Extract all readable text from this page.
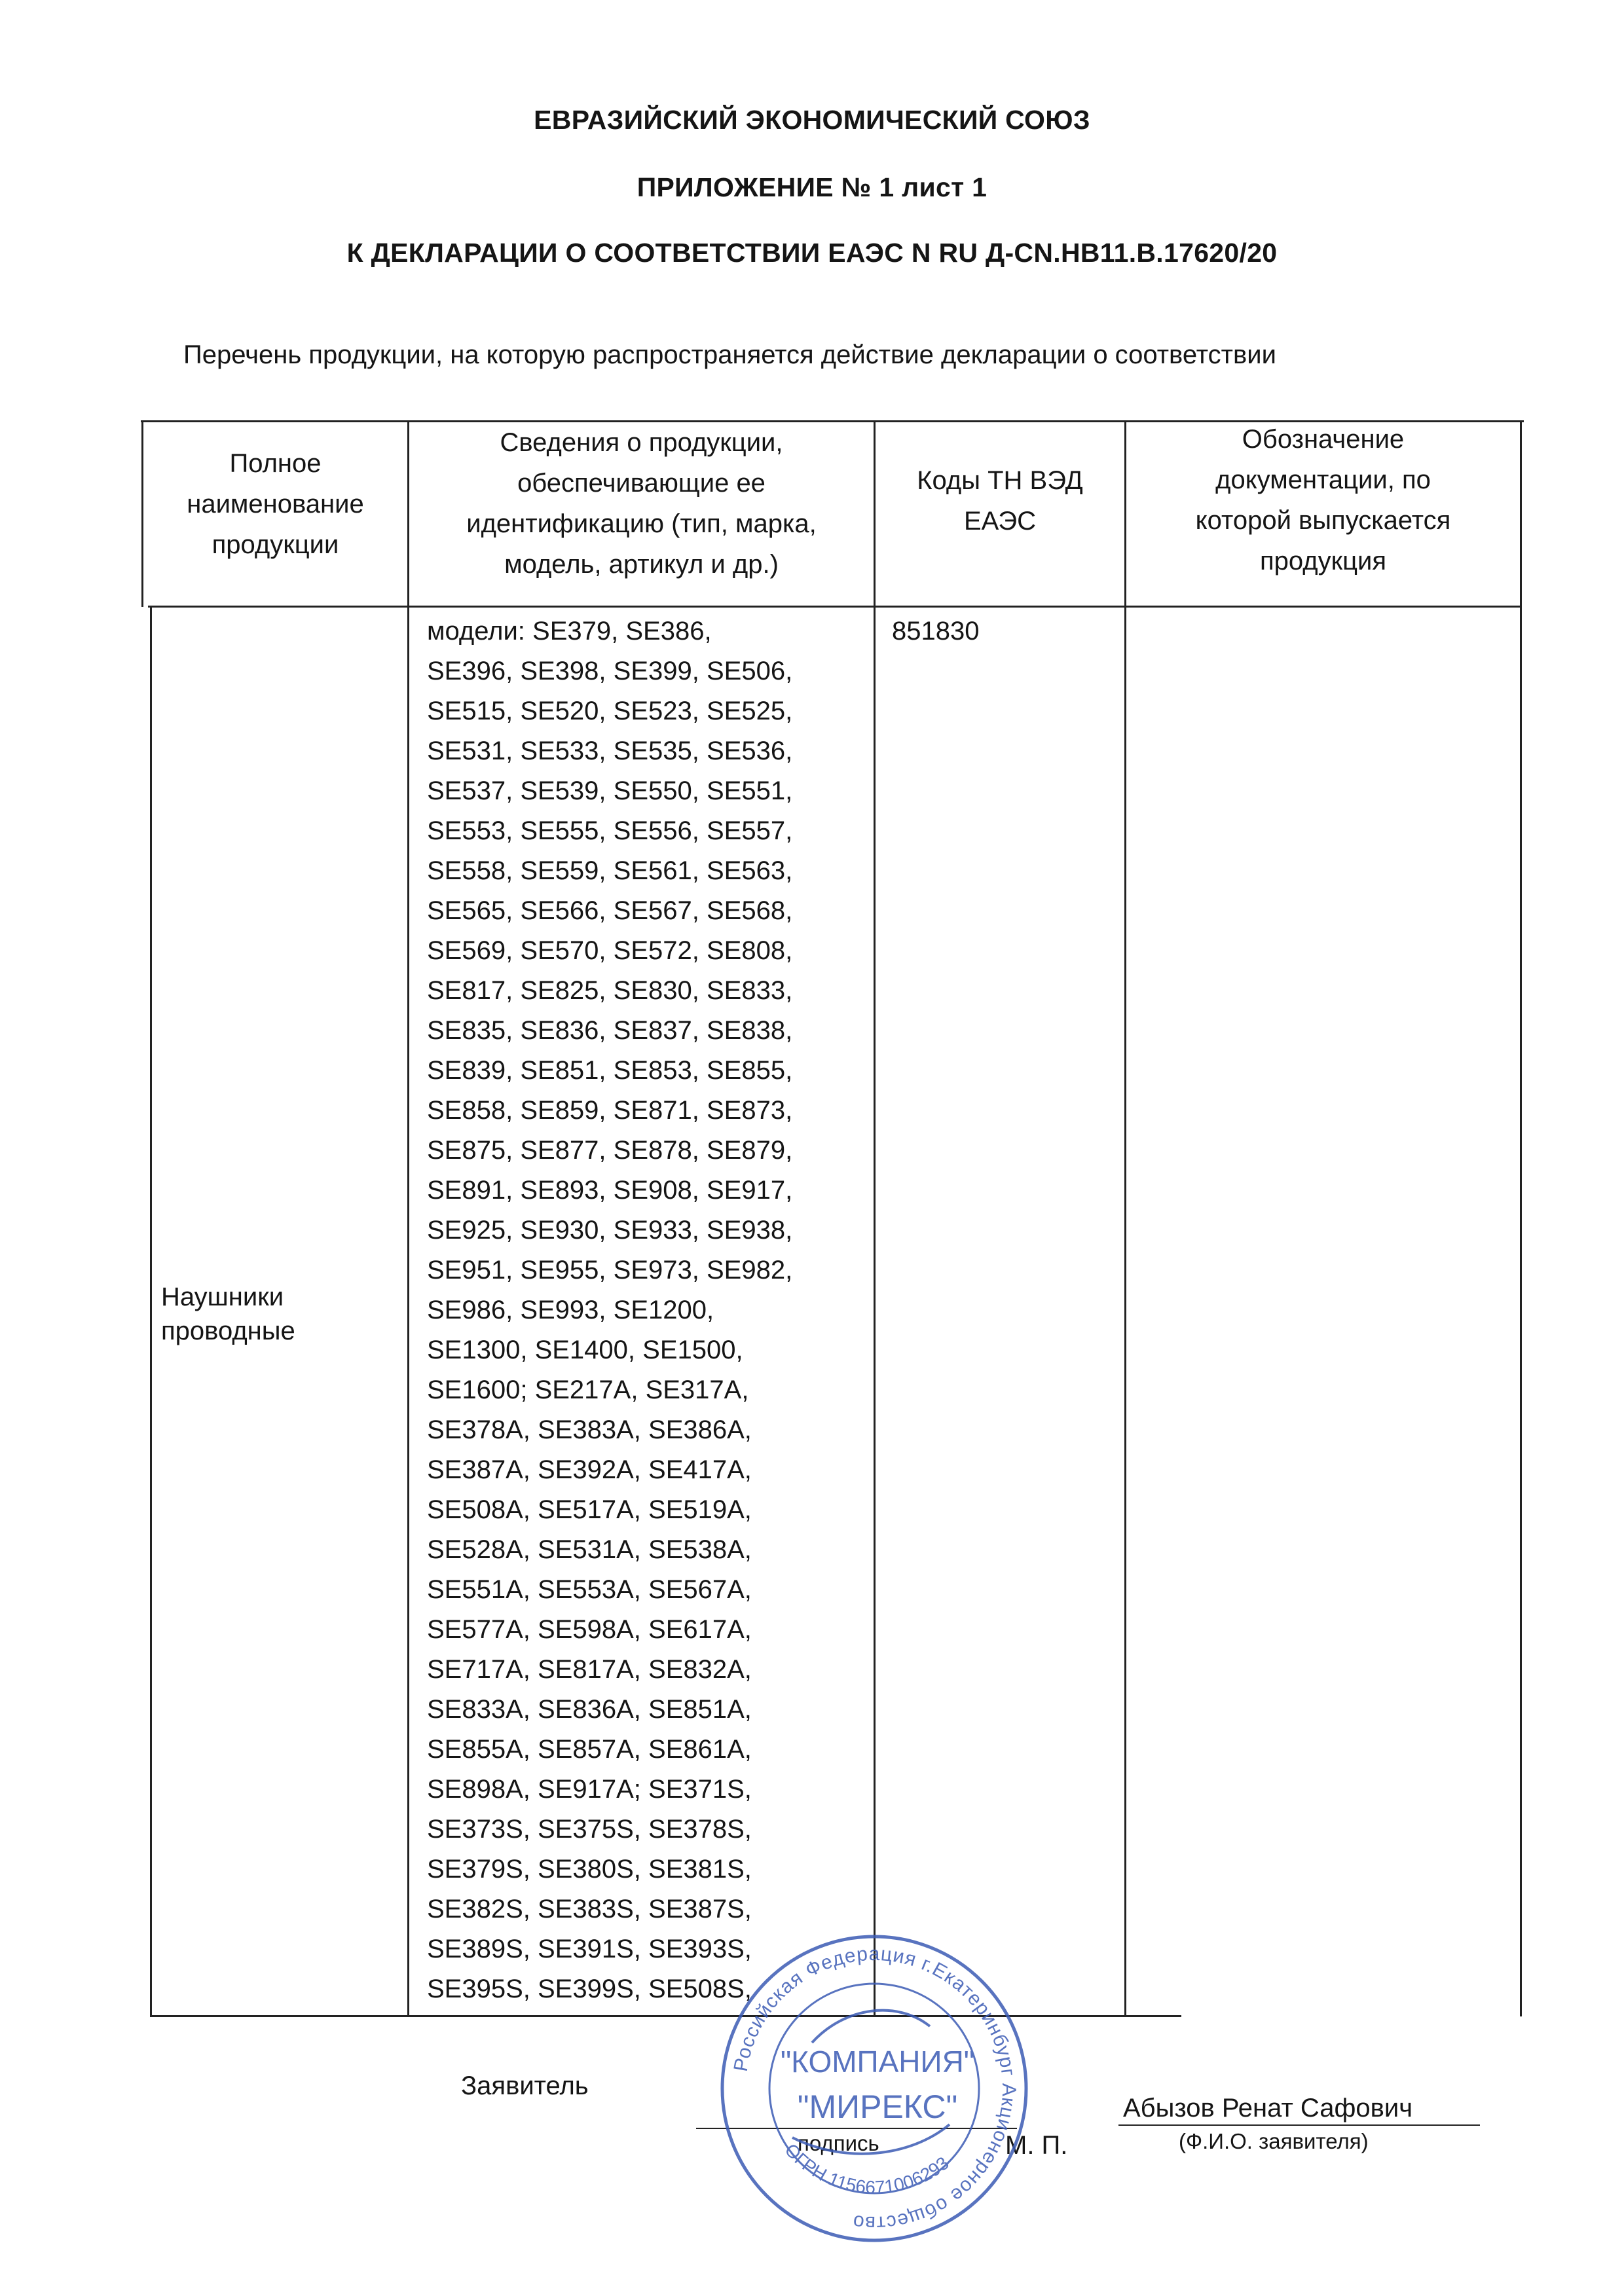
ЕВРАЗИЙСКИЙ ЭКОНОМИЧЕСКИЙ СОЮЗ
ПРИЛОЖЕНИЕ № 1 лист 1
К ДЕКЛАРАЦИИ О СООТВЕТСТВИИ ЕАЭС N RU Д-CN.НВ11.В.17620/20
Перечень продукции, на которую распространяется действие декларации о соответствии
Полное
наименование
продукции
Сведения о продукции,
обеспечивающие ее
идентификацию (тип, марка,
модель, артикул и др.)
Коды ТН ВЭД
ЕАЭС
Обозначение
документации, по
которой выпускается
продукция
Наушники
проводные
модели: SE379, SE386,
SE396, SE398, SE399, SE506,
SE515, SE520, SE523, SE525,
SE531, SE533, SE535, SE536,
SE537, SE539, SE550, SE551,
SE553, SE555, SE556, SE557,
SE558, SE559, SE561, SE563,
SE565, SE566, SE567, SE568,
SE569, SE570, SE572, SE808,
SE817, SE825, SE830, SE833,
SE835, SE836, SE837, SE838,
SE839, SE851, SE853, SE855,
SE858, SE859, SE871, SE873,
SE875, SE877, SE878, SE879,
SE891, SE893, SE908, SE917,
SE925, SE930, SE933, SE938,
SE951, SE955, SE973, SE982,
SE986, SE993, SE1200,
SE1300, SE1400, SE1500,
SE1600; SE217A, SE317A,
SE378A, SE383A, SE386A,
SE387A, SE392A, SE417A,
SE508A, SE517A, SE519A,
SE528A, SE531A, SE538A,
SE551A, SE553A, SE567A,
SE577A, SE598A, SE617A,
SE717A, SE817A, SE832A,
SE833A, SE836A, SE851A,
SE855A, SE857A, SE861A,
SE898A, SE917A; SE371S,
SE373S, SE375S, SE378S,
SE379S, SE380S, SE381S,
SE382S, SE383S, SE387S,
SE389S, SE391S, SE393S,
SE395S, SE399S, SE508S,
851830
Заявитель
подпись	М. П.
Абызов Ренат Сафович
(Ф.И.О. заявителя)
Российская Федерация г.Екатеринбург Акционерное общество
ОГРН 1156671006293
"КОМПАНИЯ"
"МИРЕКС"
